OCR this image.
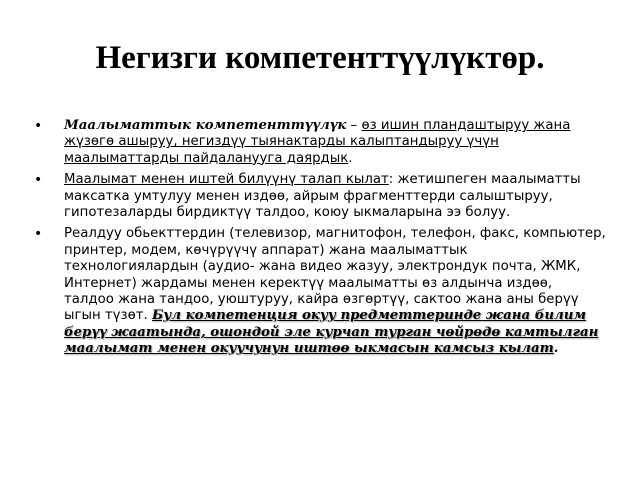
Негизги компетенттүүлүктөр.
• Маалыматтык компетенттүүлүк – өз ишин пландаштыруу жана жүзөгө ашыруу, негиздүү тыянактарды калыптандыруу үчүн маалыматтарды пайдаланууга даярдык.
• Маалымат менен иштей билүүнү талап кылат: жетишпеген маалыматты максатка умтулуу менен издөө, айрым фрагменттерди салыштыруу, гипотезаларды бирдиктүү талдоо, коюу ыкмаларына ээ болуу.
• Реалдуу обьекттердин (телевизор, магнитофон, телефон, факс, компьютер, принтер, модем, көчүрүүчү аппарат) жана маалыматтык технологиялардын (аудио- жана видео жазуу, электрондук почта, ЖМК, Интернет) жардамы менен керектүү маалыматты өз алдынча издөө, талдоо жана тандоо, уюштуруу, кайра өзгөртүү, сактоо жана аны берүү ыгын түзөт. Бул компетенция окуу предметтеринде жана билим берүү жаатында, ошондой эле курчап турган чөйрөдө камтылган маалымат менен окуучунун иштөө ыкмасын камсыз кылат.
